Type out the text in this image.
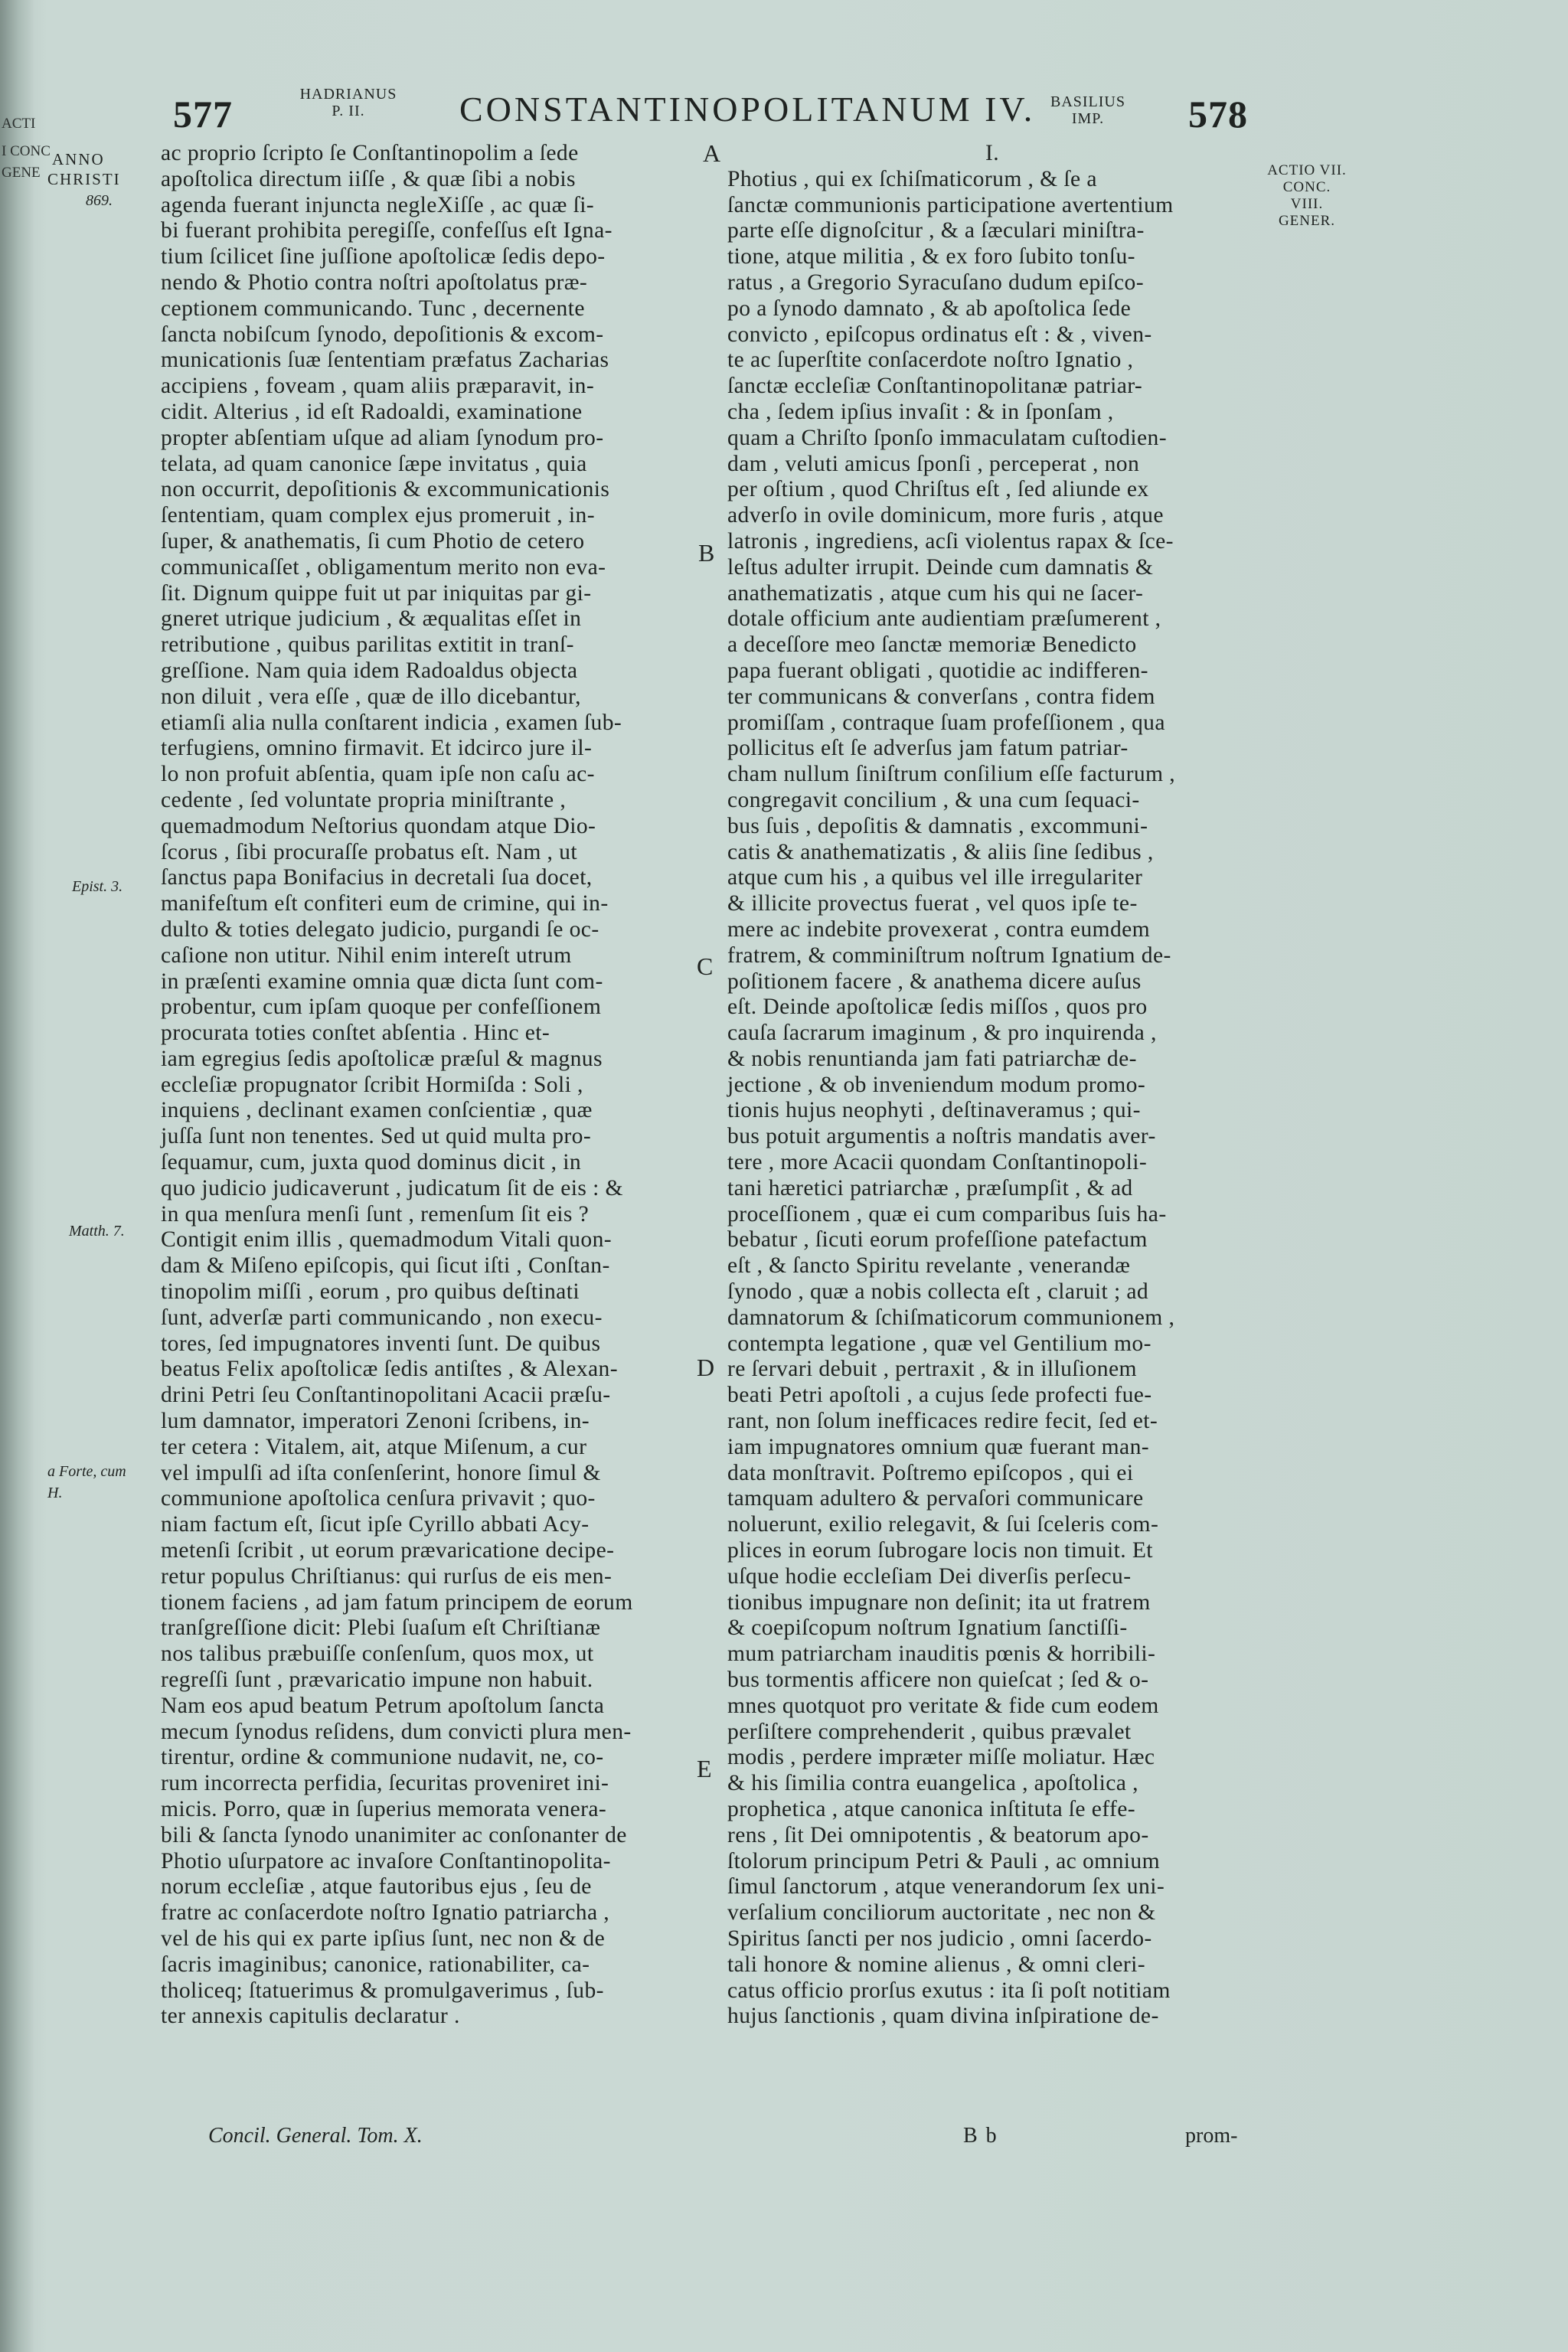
ACTI
I CONC
GENE
577	HADRIANUS
P. II.	CONSTANTINOPOLITANUM IV. BASILIUS
IMP.	578
ANNO
CHRISTI
869.
Epist. 3.
Matth. 7.
a Forte, cum
H.
ACTIO VII.
CONC. VIII.
GENER.
A
B
C
D
E
ac proprio ſcripto ſe Conſtantinopolim a ſede
apoſtolica directum iiſſe , & quæ ſibi a nobis
agenda fuerant injuncta negleXiſſe , ac quæ ſi-
bi fuerant prohibita peregiſſe, confeſſus eſt Igna-
tium ſcilicet ſine juſſione apoſtolicæ ſedis depo-
nendo & Photio contra noſtri apoſtolatus præ-
ceptionem communicando. Tunc , decernente
ſancta nobiſcum ſynodo, depoſitionis & excom-
municationis ſuæ ſententiam præfatus Zacharias
accipiens , foveam , quam aliis præparavit, in-
cidit. Alterius , id eſt Radoaldi, examinatione
propter abſentiam uſque ad aliam ſynodum pro-
telata, ad quam canonice ſæpe invitatus , quia
non occurrit, depoſitionis & excommunicationis
ſententiam, quam complex ejus promeruit , in-
ſuper, & anathematis, ſi cum Photio de cetero
communicaſſet , obligamentum merito non eva-
ſit. Dignum quippe fuit ut par iniquitas par gi-
gneret utrique judicium , & æqualitas eſſet in
retributione , quibus parilitas extitit in tranſ-
greſſione. Nam quia idem Radoaldus objecta
non diluit , vera eſſe , quæ de illo dicebantur,
etiamſi alia nulla conſtarent indicia , examen ſub-
terfugiens, omnino firmavit. Et idcirco jure il-
lo non profuit abſentia, quam ipſe non caſu ac-
cedente , ſed voluntate propria miniſtrante ,
quemadmodum Neſtorius quondam atque Dio-
ſcorus , ſibi procuraſſe probatus eſt. Nam , ut
ſanctus papa Bonifacius in decretali ſua docet,
manifeſtum eſt confiteri eum de crimine, qui in-
dulto & toties delegato judicio, purgandi ſe oc-
caſione non utitur. Nihil enim intereſt utrum
in præſenti examine omnia quæ dicta ſunt com-
probentur, cum ipſam quoque per confeſſionem
procurata toties conſtet abſentia . Hinc et-
iam egregius ſedis apoſtolicæ præſul & magnus
eccleſiæ propugnator ſcribit Hormiſda : Soli ,
inquiens , declinant examen conſcientiæ , quæ
juſſa ſunt non tenentes. Sed ut quid multa pro-
ſequamur, cum, juxta quod dominus dicit , in
quo judicio judicaverunt , judicatum ſit de eis : &
in qua menſura menſi ſunt , remenſum ſit eis ?
Contigit enim illis , quemadmodum Vitali quon-
dam & Miſeno epiſcopis, qui ſicut iſti , Conſtan-
tinopolim miſſi , eorum , pro quibus deſtinati
ſunt, adverſæ parti communicando , non execu-
tores, ſed impugnatores inventi ſunt. De quibus
beatus Felix apoſtolicæ ſedis antiſtes , & Alexan-
drini Petri ſeu Conſtantinopolitani Acacii præſu-
lum damnator, imperatori Zenoni ſcribens, in-
ter cetera : Vitalem, ait, atque Miſenum, a cur
vel impulſi ad iſta conſenſerint, honore ſimul &
communione apoſtolica cenſura privavit ; quo-
niam factum eſt, ſicut ipſe Cyrillo abbati Acy-
metenſi ſcribit , ut eorum prævaricatione decipe-
retur populus Chriſtianus: qui rurſus de eis men-
tionem faciens , ad jam fatum principem de eorum
tranſgreſſione dicit: Plebi ſuaſum eſt Chriſtianæ
nos talibus præbuiſſe conſenſum, quos mox, ut
regreſſi ſunt , prævaricatio impune non habuit.
Nam eos apud beatum Petrum apoſtolum ſancta
mecum ſynodus reſidens, dum convicti plura men-
tirentur, ordine & communione nudavit, ne, co-
rum incorrecta perfidia, ſecuritas proveniret ini-
micis. Porro, quæ in ſuperius memorata venera-
bili & ſancta ſynodo unanimiter ac conſonanter de
Photio uſurpatore ac invaſore Conſtantinopolita-
norum eccleſiæ , atque fautoribus ejus , ſeu de
fratre ac conſacerdote noſtro Ignatio patriarcha ,
vel de his qui ex parte ipſius ſunt, nec non & de
ſacris imaginibus; canonice, rationabiliter, ca-
tholiceq; ſtatuerimus & promulgaverimus , ſub-
ter annexis capitulis declaratur .
I.
Photius , qui ex ſchiſmaticorum , & ſe a
ſanctæ communionis participatione avertentium
parte eſſe dignoſcitur , & a ſæculari miniſtra-
tione, atque militia , & ex foro ſubito tonſu-
ratus , a Gregorio Syracuſano dudum epiſco-
po a ſynodo damnato , & ab apoſtolica ſede
convicto , epiſcopus ordinatus eſt : & , viven-
te ac ſuperſtite conſacerdote noſtro Ignatio ,
ſanctæ eccleſiæ Conſtantinopolitanæ patriar-
cha , ſedem ipſius invaſit : & in ſponſam ,
quam a Chriſto ſponſo immaculatam cuſtodien-
dam , veluti amicus ſponſi , perceperat , non
per oſtium , quod Chriſtus eſt , ſed aliunde ex
adverſo in ovile dominicum, more furis , atque
latronis , ingrediens, acſi violentus rapax & ſce-
leſtus adulter irrupit. Deinde cum damnatis &
anathematizatis , atque cum his qui ne ſacer-
dotale officium ante audientiam præſumerent ,
a deceſſore meo ſanctæ memoriæ Benedicto
papa fuerant obligati , quotidie ac indifferen-
ter communicans & converſans , contra fidem
promiſſam , contraque ſuam profeſſionem , qua
pollicitus eſt ſe adverſus jam fatum patriar-
cham nullum ſiniſtrum conſilium eſſe facturum ,
congregavit concilium , & una cum ſequaci-
bus ſuis , depoſitis & damnatis , excommuni-
catis & anathematizatis , & aliis ſine ſedibus ,
atque cum his , a quibus vel ille irregulariter
& illicite provectus fuerat , vel quos ipſe te-
mere ac indebite provexerat , contra eumdem
fratrem, & comminiſtrum noſtrum Ignatium de-
poſitionem facere , & anathema dicere auſus
eſt. Deinde apoſtolicæ ſedis miſſos , quos pro
cauſa ſacrarum imaginum , & pro inquirenda ,
& nobis renuntianda jam fati patriarchæ de-
jectione , & ob inveniendum modum promo-
tionis hujus neophyti , deſtinaveramus ; qui-
bus potuit argumentis a noſtris mandatis aver-
tere , more Acacii quondam Conſtantinopoli-
tani hæretici patriarchæ , præſumpſit , & ad
proceſſionem , quæ ei cum comparibus ſuis ha-
bebatur , ſicuti eorum profeſſione patefactum
eſt , & ſancto Spiritu revelante , venerandæ
ſynodo , quæ a nobis collecta eſt , claruit ; ad
damnatorum & ſchiſmaticorum communionem ,
contempta legatione , quæ vel Gentilium mo-
re ſervari debuit , pertraxit , & in illuſionem
beati Petri apoſtoli , a cujus ſede profecti fue-
rant, non ſolum inefficaces redire fecit, ſed et-
iam impugnatores omnium quæ fuerant man-
data monſtravit. Poſtremo epiſcopos , qui ei
tamquam adultero & pervaſori communicare
noluerunt, exilio relegavit, & ſui ſceleris com-
plices in eorum ſubrogare locis non timuit. Et
uſque hodie eccleſiam Dei diverſis perſecu-
tionibus impugnare non deſinit; ita ut fratrem
& coepiſcopum noſtrum Ignatium ſanctiſſi-
mum patriarcham inauditis pœnis & horribili-
bus tormentis afficere non quieſcat ; ſed & o-
mnes quotquot pro veritate & fide cum eodem
perſiſtere comprehenderit , quibus prævalet
modis , perdere impræter miſſe moliatur. Hæc
& his ſimilia contra euangelica , apoſtolica ,
prophetica , atque canonica inſtituta ſe effe-
rens , ſit Dei omnipotentis , & beatorum apo-
ſtolorum principum Petri & Pauli , ac omnium
ſimul ſanctorum , atque venerandorum ſex uni-
verſalium conciliorum auctoritate , nec non &
Spiritus ſancti per nos judicio , omni ſacerdo-
tali honore & nomine alienus , & omni cleri-
catus officio prorſus exutus : ita ſi poſt notitiam
hujus ſanctionis , quam divina inſpiratione de-
Concil. General. Tom. X.	B b	prom-
